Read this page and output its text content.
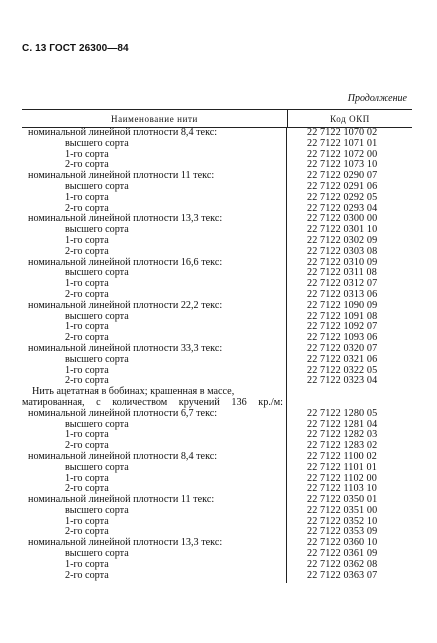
С. 13 ГОСТ 26300—84
Продолжение
Наименование нити	Код ОКП
номинальной линейной плотности 8,4 текс:
высшего сорта
1-го сорта
2-го сорта
номинальной линейной плотности 11 текс:
высшего сорта
1-го сорта
2-го сорта
номинальной линейной плотности 13,3 текс:
высшего сорта
1-го сорта
2-го сорта
номинальной линейной плотности 16,6 текс:
высшего сорта
1-го сорта
2-го сорта
номинальной линейной плотности 22,2 текс:
высшего сорта
1-го сорта
2-го сорта
номинальной линейной плотности 33,3 текс:
высшего сорта
1-го сорта
2-го сорта
Нить ацетатная в бобинах; крашенная в массе,
матированная, с количеством кручений 136 кр./м:
номинальной линейной плотности 6,7 текс:
высшего сорта
1-го сорта
2-го сорта
номинальной линейной плотности 8,4 текс:
высшего сорта
1-го сорта
2-го сорта
номинальной линейной плотности 11 текс:
высшего сорта
1-го сорта
2-го сорта
номинальной линейной плотности 13,3 текс:
высшего сорта
1-го сорта
2-го сорта
22 7122 1070 02
22 7122 1071 01
22 7122 1072 00
22 7122 1073 10
22 7122 0290 07
22 7122 0291 06
22 7122 0292 05
22 7122 0293 04
22 7122 0300 00
22 7122 0301 10
22 7122 0302 09
22 7122 0303 08
22 7122 0310 09
22 7122 0311 08
22 7122 0312 07
22 7122 0313 06
22 7122 1090 09
22 7122 1091 08
22 7122 1092 07
22 7122 1093 06
22 7122 0320 07
22 7122 0321 06
22 7122 0322 05
22 7122 0323 04
22 7122 1280 05
22 7122 1281 04
22 7122 1282 03
22 7122 1283 02
22 7122 1100 02
22 7122 1101 01
22 7122 1102 00
22 7122 1103 10
22 7122 0350 01
22 7122 0351 00
22 7122 0352 10
22 7122 0353 09
22 7122 0360 10
22 7122 0361 09
22 7122 0362 08
22 7122 0363 07
